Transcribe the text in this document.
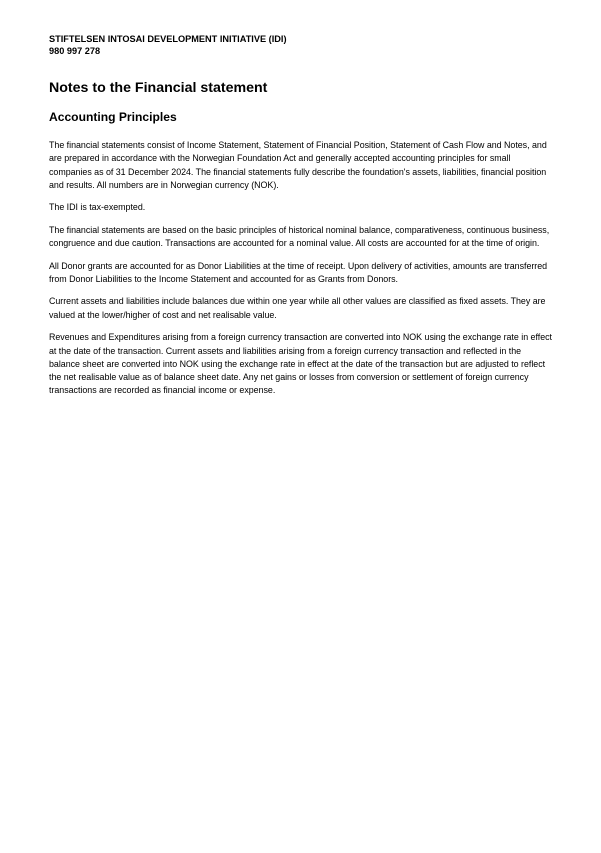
STIFTELSEN INTOSAI DEVELOPMENT INITIATIVE (IDI)

980 997 278

Notes to the Financial statement
Accounting Principles

The financial statements consist of Income Statement, Statement of Financial Position, Statement of Cash Flow and Notes, and are prepared in accordance with the Norwegian Foundation Act and generally accepted accounting principles for small companies as of 31 December 2024. The financial statements fully describe the foundation's assets, liabilities, financial position and results. All numbers are in Norwegian currency (NOK).

The IDI is tax-exempted.

The financial statements are based on the basic principles of historical nominal balance, comparativeness, continuous business, congruence and due caution. Transactions are accounted for a nominal value. All costs are accounted for at the time of origin.

All Donor grants are accounted for as Donor Liabilities at the time of receipt. Upon delivery of activities, amounts are transferred from Donor Liabilities to the Income Statement and accounted for as Grants from Donors.

Current assets and liabilities include balances due within one year while all other values are classified as fixed assets. They are valued at the lower/higher of cost and net realisable value.

Revenues and Expenditures arising from a foreign currency transaction are converted into NOK using the exchange rate in effect at the date of the transaction. Current assets and liabilities arising from a foreign currency transaction and reflected in the balance sheet are converted into NOK using the exchange rate in effect at the date of the transaction but are adjusted to reflect the net realisable value as of balance sheet date. Any net gains or losses from conversion or settlement of foreign currency transactions are recorded as financial income or expense.
